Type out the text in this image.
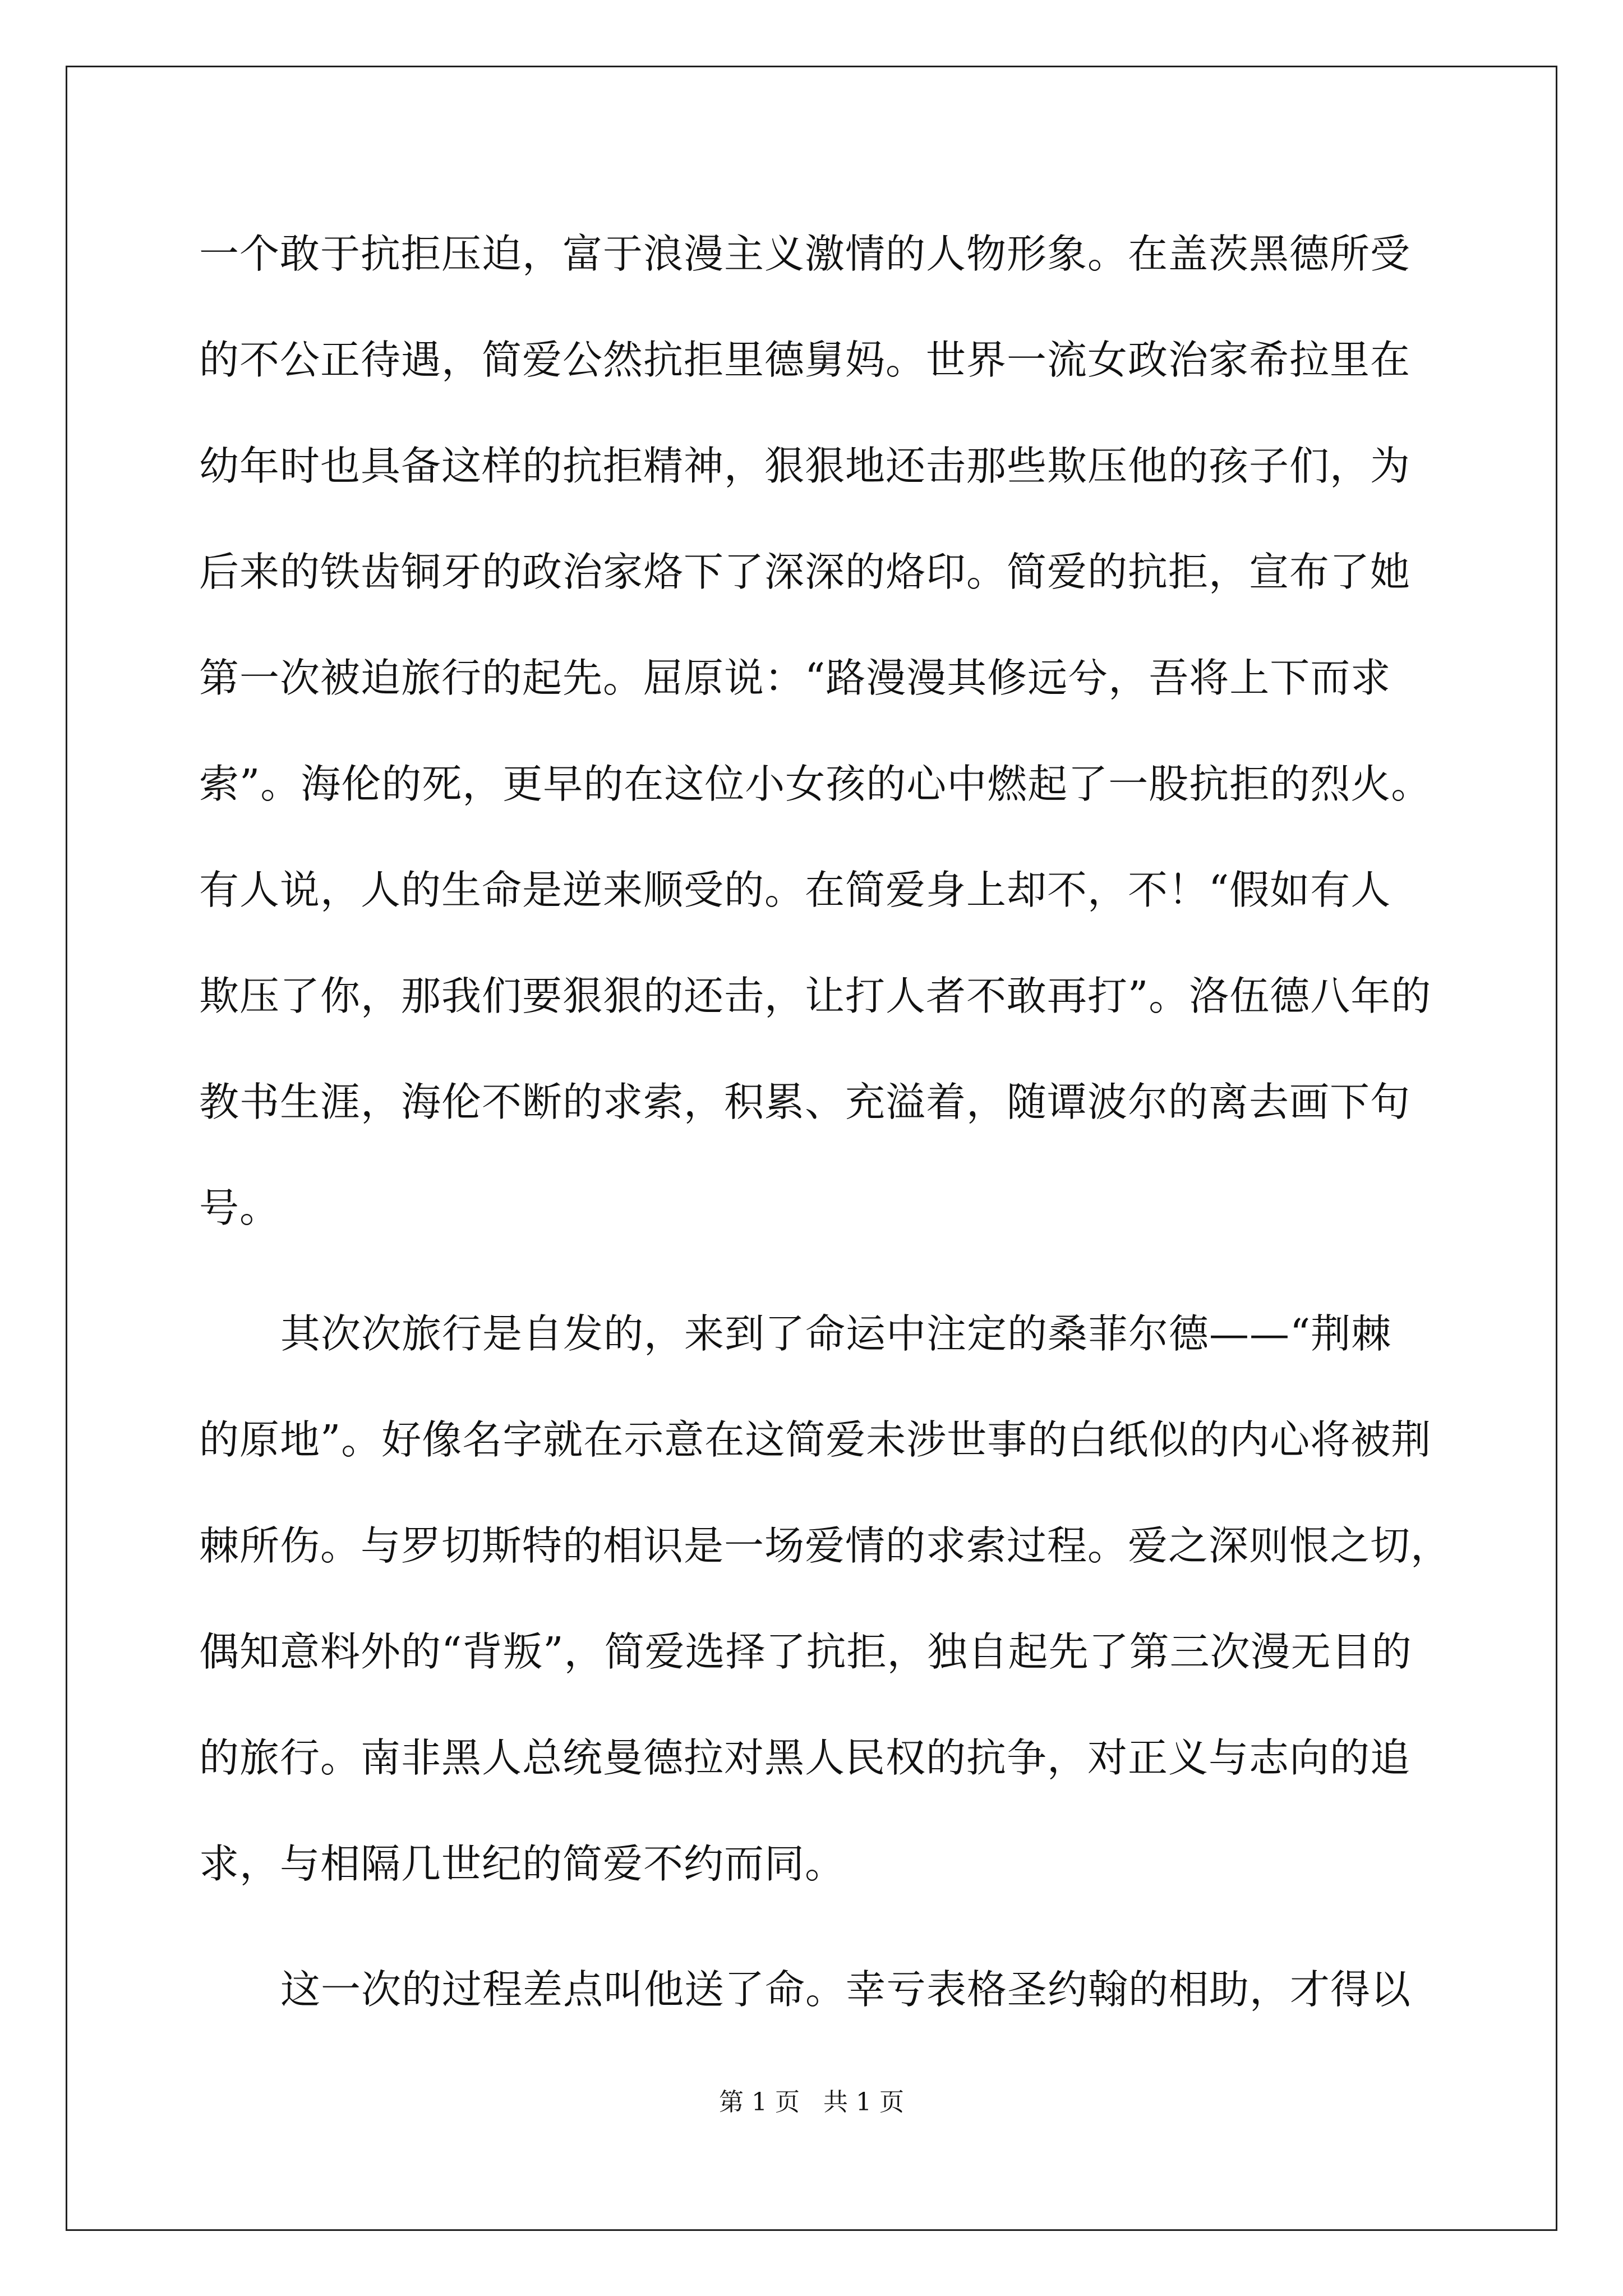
一个敢于抗拒压迫，富于浪漫主义激情的人物形象。在盖茨黑德所受
的不公正待遇，简爱公然抗拒里德舅妈。世界一流女政治家希拉里在
幼年时也具备这样的抗拒精神，狠狠地还击那些欺压他的孩子们，为
后来的铁齿铜牙的政治家烙下了深深的烙印。简爱的抗拒，宣布了她
第一次被迫旅行的起先。屈原说：“路漫漫其修远兮，吾将上下而求
索”。海伦的死，更早的在这位小女孩的心中燃起了一股抗拒的烈火。
有人说，人的生命是逆来顺受的。在简爱身上却不，不！“假如有人
欺压了你，那我们要狠狠的还击，让打人者不敢再打”。洛伍德八年的
教书生涯，海伦不断的求索，积累、充溢着，随谭波尔的离去画下句
号。
其次次旅行是自发的，来到了命运中注定的桑菲尔德——“荆棘
的原地”。好像名字就在示意在这简爱未涉世事的白纸似的内心将被荆
棘所伤。与罗切斯特的相识是一场爱情的求索过程。爱之深则恨之切，
偶知意料外的“背叛”，简爱选择了抗拒，独自起先了第三次漫无目的
的旅行。南非黑人总统曼德拉对黑人民权的抗争，对正义与志向的追
求，与相隔几世纪的简爱不约而同。
这一次的过程差点叫他送了命。幸亏表格圣约翰的相助，才得以
第 1 页   共 1 页
